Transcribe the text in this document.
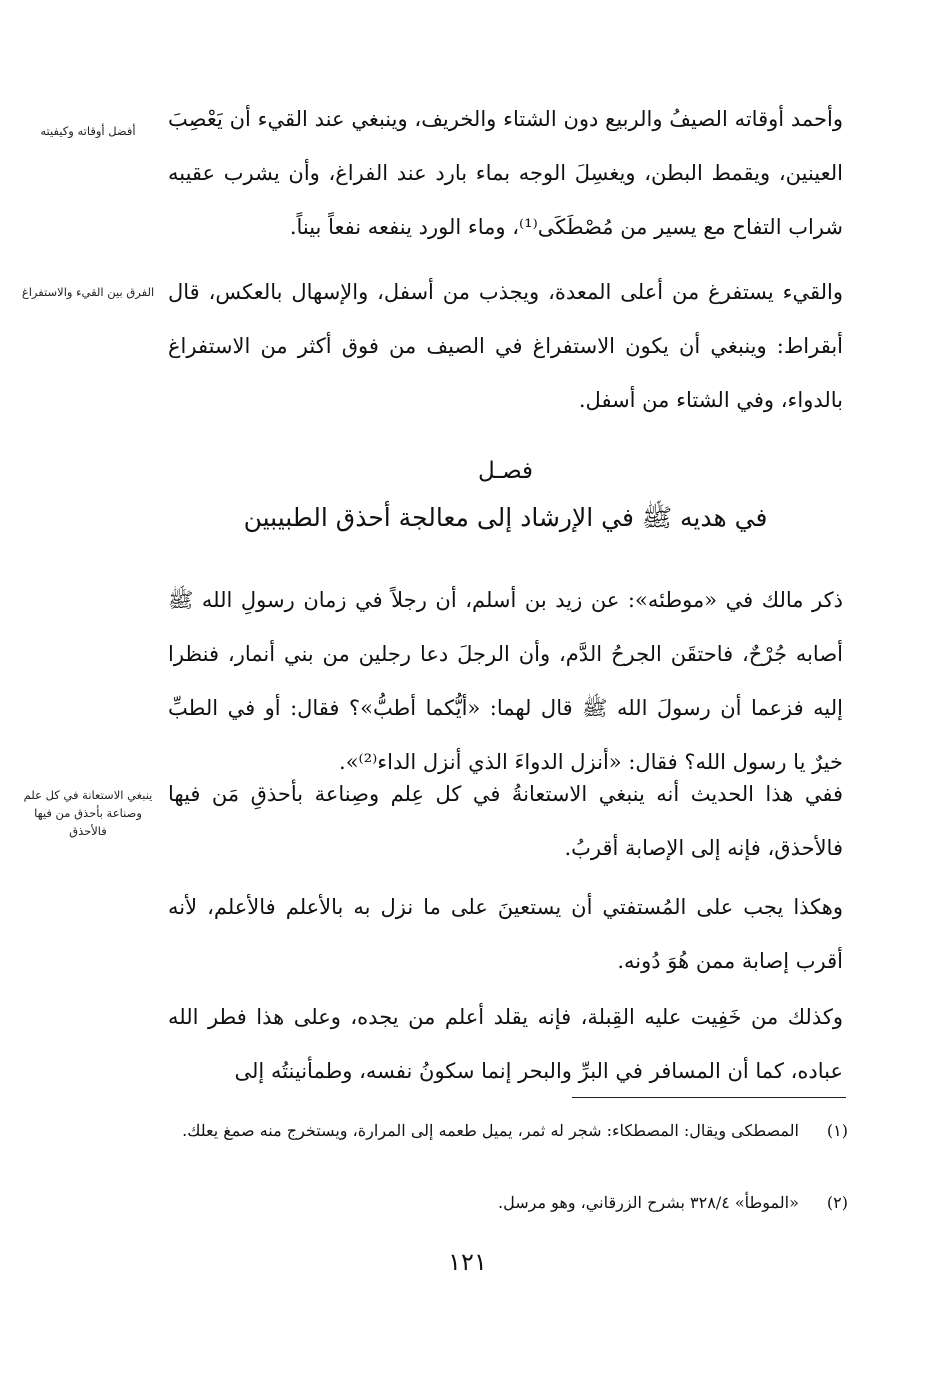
وأحمد أوقاته الصيفُ والربيع دون الشتاء والخريف، وينبغي عند القيء أن يَعْصِبَ العينين، ويقمط البطن، ويغسِلَ الوجه بماء بارد عند الفراغ، وأن يشرب عقيبه شراب التفاح مع يسير من مُصْطَكَى⁽¹⁾، وماء الورد ينفعه نفعاً بيناً.

أفضل أوقاته وكيفيته

والقيء يستفرغ من أعلى المعدة، ويجذب من أسفل، والإسهال بالعكس، قال أبقراط: وينبغي أن يكون الاستفراغ في الصيف من فوق أكثر من الاستفراغ بالدواء، وفي الشتاء من أسفل.

الفرق بين القيء والاستفراغ
فصـل
في هديه ﷺ في الإرشاد إلى معالجة أحذق الطبيبين

ذكر مالك في «موطئه»: عن زيد بن أسلم، أن رجلاً في زمان رسولِ الله ﷺ أصابه جُرْحٌ، فاحتقَن الجرحُ الدَّم، وأن الرجلَ دعا رجلين من بني أنمار، فنظرا إليه فزعما أن رسولَ الله ﷺ قال لهما: «أيُّكما أطبُّ»؟ فقال: أو في الطبِّ خيرٌ يا رسول الله؟ فقال: «أنزل الدواءَ الذي أنزل الداء⁽²⁾».

ففي هذا الحديث أنه ينبغي الاستعانةُ في كل عِلم وصِناعة بأحذقِ مَن فيها فالأحذق، فإنه إلى الإصابة أقربُ.

ينبغي الاستعانة في كل علم وصناعة بأحذق من فيها فالأحذق

وهكذا يجب على المُستفتي أن يستعينَ على ما نزل به بالأعلم فالأعلم، لأنه أقرب إصابة ممن هُوَ دُونه.

وكذلك من خَفِيت عليه القِبلة، فإنه يقلد أعلم من يجده، وعلى هذا فطر الله عباده، كما أن المسافر في البرِّ والبحر إنما سكونُ نفسه، وطمأنينتُه إلى

(١) المصطكى ويقال: المصطكاء: شجر له ثمر، يميل طعمه إلى المرارة، ويستخرج منه صمغ يعلك.
(٢) «الموطأ» ٣٢٨/٤ بشرح الزرقاني، وهو مرسل.
١٢١
